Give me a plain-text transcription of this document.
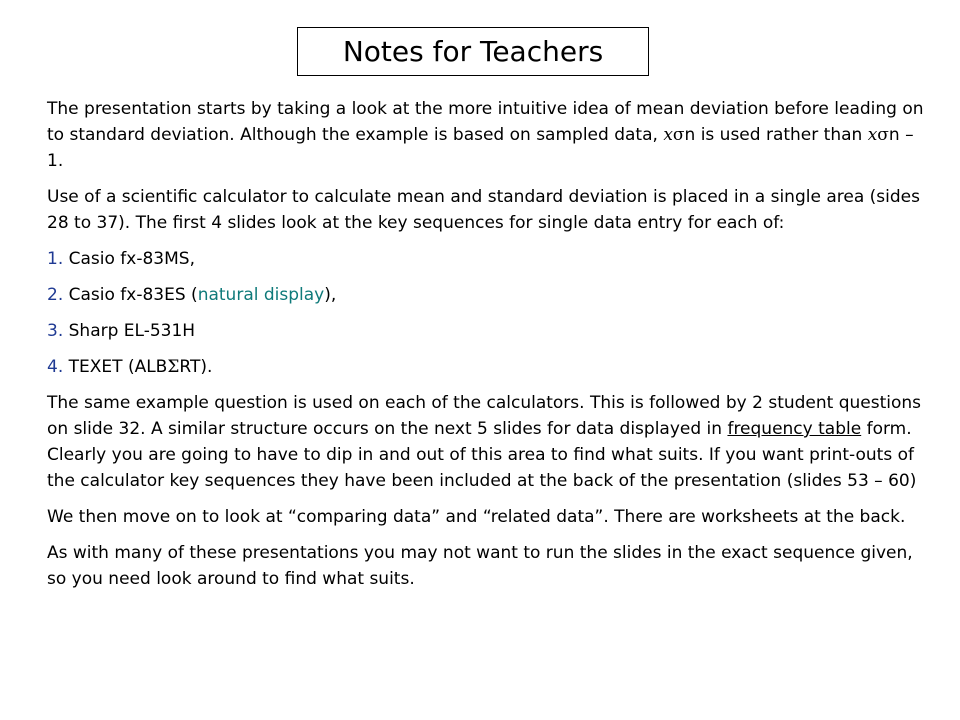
Notes for Teachers

The presentation starts by taking a look at the more intuitive idea of mean deviation before leading on to standard deviation. Although the example is based on sampled data, xσn is used rather than xσn – 1.

Use of a scientific calculator to calculate mean and standard deviation is placed in a single area (sides 28 to 37). The first 4 slides look at the key sequences for single data entry for each of:

1. Casio fx-83MS,

2. Casio fx-83ES (natural display),

3. Sharp EL-531H

4. TEXET (ALBΣRT).

The same example question is used on each of the calculators. This is followed by 2 student questions on slide 32. A similar structure occurs on the next 5 slides for data displayed in frequency table form. Clearly you are going to have to dip in and out of this area to find what suits. If you want print-outs of the calculator key sequences they have been included at the back of the presentation (slides 53 – 60)

We then move on to look at “comparing data” and “related data”. There are worksheets at the back.

As with many of these presentations you may not want to run the slides in the exact sequence given, so you need look around to find what suits.
